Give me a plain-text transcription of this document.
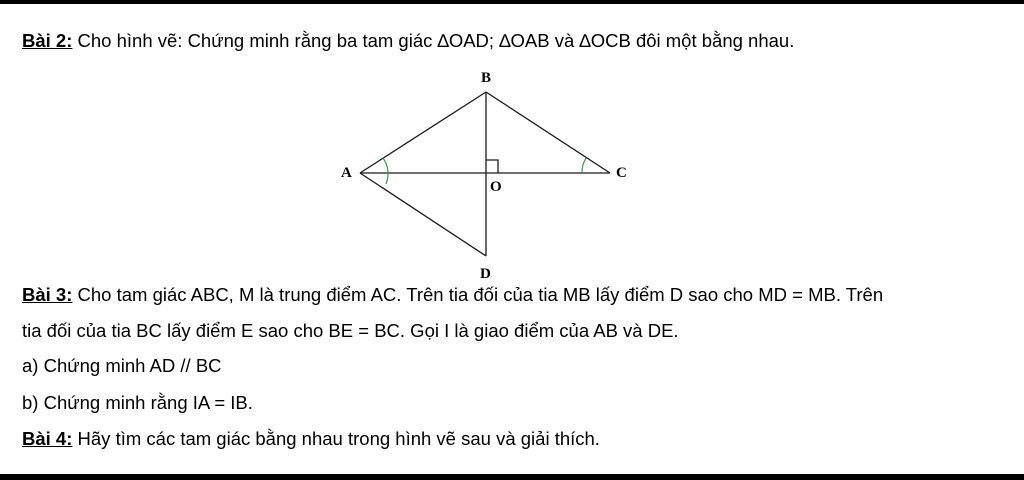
Bài 2: Cho hình vẽ: Chứng minh rằng ba tam giác ∆OAD; ∆OAB và ∆OCB đôi một bằng nhau.
B
A	C
O
D
Bài 3: Cho tam giác ABC, M là trung điểm AC. Trên tia đối của tia MB lấy điểm D sao cho MD = MB. Trên
tia đối của tia BC lấy điểm E sao cho BE = BC. Gọi I là giao điểm của AB và DE.
a) Chứng minh AD // BC
b) Chứng minh rằng IA = IB.
Bài 4: Hãy tìm các tam giác bằng nhau trong hình vẽ sau và giải thích.
